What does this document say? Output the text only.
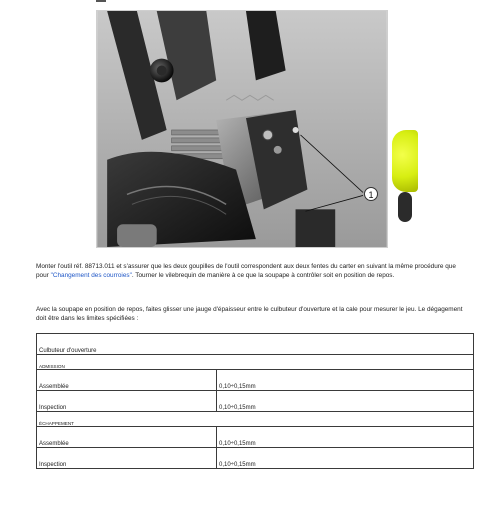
1

Monter l'outil réf. 88713.011 et s'assurer que les deux goupilles de l'outil correspondent aux deux fentes du carter en suivant la même procédure que pour "Changement des courroies". Tourner le vilebrequin de manière à ce que la soupape à contrôler soit en position de repos.

Avec la soupape en position de repos, faites glisser une jauge d'épaisseur entre le culbuteur d'ouverture et la cale pour mesurer le jeu. Le dégagement doit être dans les limites spécifiées :

Culbuteur d'ouverture	
ADMISSION	
Assemblée	0,10÷0,15mm
Inspection	0,10÷0,15mm
ÉCHAPPEMENT	
Assemblée	0,10÷0,15mm
Inspection	0,10÷0,15mm
